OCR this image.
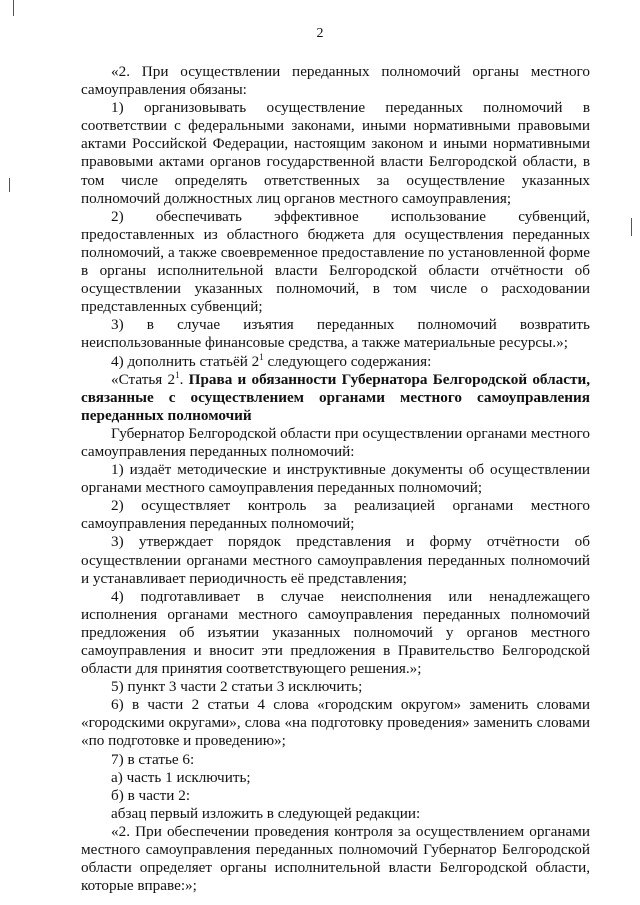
2

«2. При осуществлении переданных полномочий органы местного самоуправления обязаны:

1) организовывать осуществление переданных полномочий в соответствии с федеральными законами, иными нормативными правовыми актами Российской Федерации, настоящим законом и иными нормативными правовыми актами органов государственной власти Белгородской области, в том числе определять ответственных за осуществление указанных полномочий должностных лиц органов местного самоуправления;

2) обеспечивать эффективное использование субвенций, предоставленных из областного бюджета для осуществления переданных полномочий, а также своевременное предоставление по установленной форме в органы исполнительной власти Белгородской области отчётности об осуществлении указанных полномочий, в том числе о расходовании представленных субвенций;

3) в случае изъятия переданных полномочий возвратить неиспользованные финансовые средства, а также материальные ресурсы.»;

4) дополнить статьёй $2^1$ следующего содержания:

«Статья $2^1$. Права и обязанности Губернатора Белгородской области, связанные с осуществлением органами местного самоуправления переданных полномочий

Губернатор Белгородской области при осуществлении органами местного самоуправления переданных полномочий:

1) издаёт методические и инструктивные документы об осуществлении органами местного самоуправления переданных полномочий;

2) осуществляет контроль за реализацией органами местного самоуправления переданных полномочий;

3) утверждает порядок представления и форму отчётности об осуществлении органами местного самоуправления переданных полномочий и устанавливает периодичность её представления;

4) подготавливает в случае неисполнения или ненадлежащего исполнения органами местного самоуправления переданных полномочий предложения об изъятии указанных полномочий у органов местного самоуправления и вносит эти предложения в Правительство Белгородской области для принятия соответствующего решения.»;

5) пункт 3 части 2 статьи 3 исключить;

6) в части 2 статьи 4 слова «городским округом» заменить словами «городскими округами», слова «на подготовку проведения» заменить словами «по подготовке и проведению»;

7) в статье 6:

а) часть 1 исключить;

б) в части 2:

абзац первый изложить в следующей редакции:

«2. При обеспечении проведения контроля за осуществлением органами местного самоуправления переданных полномочий Губернатор Белгородской области определяет органы исполнительной власти Белгородской области, которые вправе:»;
